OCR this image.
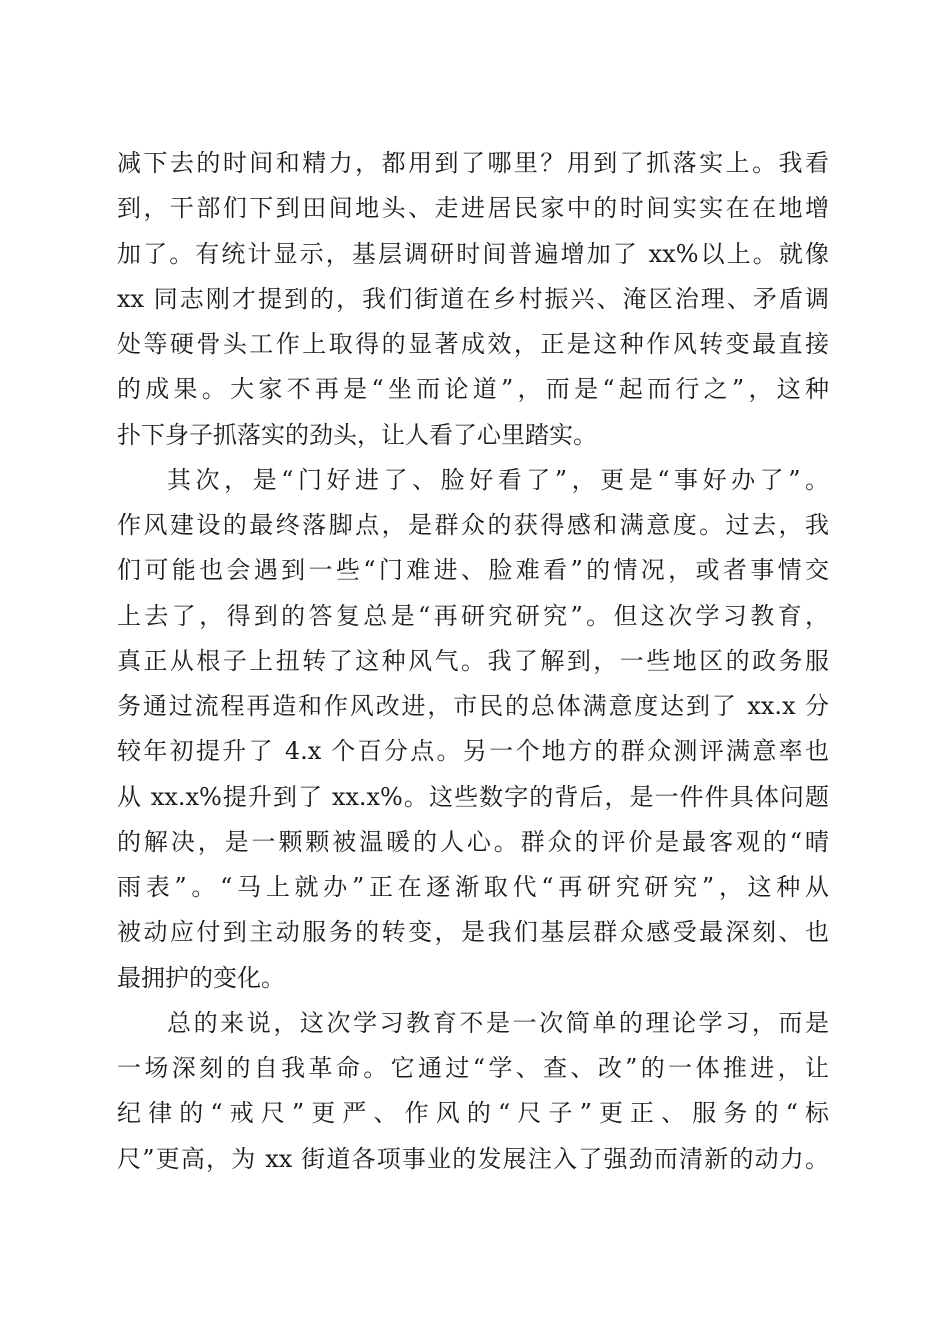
减下去的时间和精力，都用到了哪里？用到了抓落实上。我看
到，干部们下到田间地头、走进居民家中的时间实实在在地增
加了。有统计显示，基层调研时间普遍增加了 xx%以上。就像
xx 同志刚才提到的，我们街道在乡村振兴、淹区治理、矛盾调
处等硬骨头工作上取得的显著成效，正是这种作风转变最直接
的成果。大家不再是“坐而论道”，而是“起而行之”，这种
扑下身子抓落实的劲头，让人看了心里踏实。
其次，是“门好进了、脸好看了”，更是“事好办了”。
作风建设的最终落脚点，是群众的获得感和满意度。过去，我
们可能也会遇到一些“门难进、脸难看”的情况，或者事情交
上去了，得到的答复总是“再研究研究”。但这次学习教育，
真正从根子上扭转了这种风气。我了解到，一些地区的政务服
务通过流程再造和作风改进，市民的总体满意度达到了 xx.x 分
较年初提升了 4.x 个百分点。另一个地方的群众测评满意率也
从 xx.x%提升到了 xx.x%。这些数字的背后，是一件件具体问题
的解决，是一颗颗被温暖的人心。群众的评价是最客观的“晴
雨表”。“马上就办”正在逐渐取代“再研究研究”，这种从
被动应付到主动服务的转变，是我们基层群众感受最深刻、也
最拥护的变化。
总的来说，这次学习教育不是一次简单的理论学习，而是
一场深刻的自我革命。它通过“学、查、改”的一体推进，让
纪律的“戒尺”更严、作风的“尺子”更正、服务的“标
尺”更高，为 xx 街道各项事业的发展注入了强劲而清新的动力。
